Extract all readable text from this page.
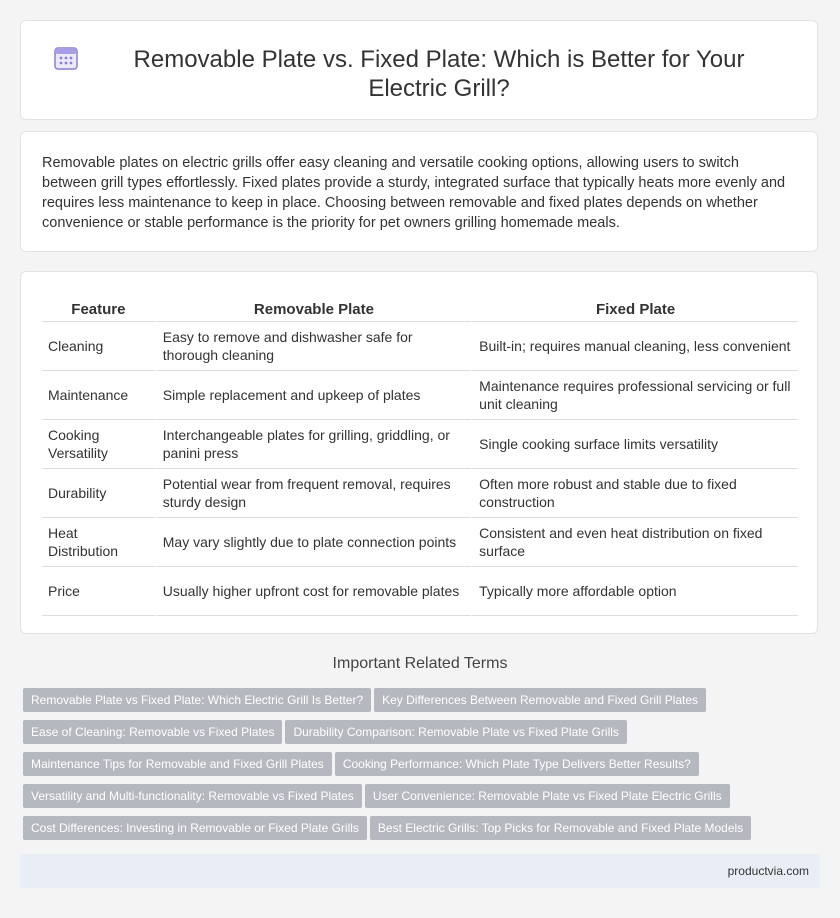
Removable Plate vs. Fixed Plate: Which is Better for Your Electric Grill?

Removable plates on electric grills offer easy cleaning and versatile cooking options, allowing users to switch between grill types effortlessly. Fixed plates provide a sturdy, integrated surface that typically heats more evenly and requires less maintenance to keep in place. Choosing between removable and fixed plates depends on whether convenience or stable performance is the priority for pet owners grilling homemade meals.

Feature	Removable Plate	Fixed Plate
Cleaning	Easy to remove and dishwasher safe for thorough cleaning	Built-in; requires manual cleaning, less convenient
Maintenance	Simple replacement and upkeep of plates	Maintenance requires professional servicing or full unit cleaning
Cooking Versatility	Interchangeable plates for grilling, griddling, or panini press	Single cooking surface limits versatility
Durability	Potential wear from frequent removal, requires sturdy design	Often more robust and stable due to fixed construction
Heat Distribution	May vary slightly due to plate connection points	Consistent and even heat distribution on fixed surface
Price	Usually higher upfront cost for removable plates	Typically more affordable option
Important Related Terms
Removable Plate vs Fixed Plate: Which Electric Grill Is Better? Key Differences Between Removable and Fixed Grill Plates
Ease of Cleaning: Removable vs Fixed Plates Durability Comparison: Removable Plate vs Fixed Plate Grills
Maintenance Tips for Removable and Fixed Grill Plates Cooking Performance: Which Plate Type Delivers Better Results?
Versatility and Multi-functionality: Removable vs Fixed Plates User Convenience: Removable Plate vs Fixed Plate Electric Grills
Cost Differences: Investing in Removable or Fixed Plate Grills Best Electric Grills: Top Picks for Removable and Fixed Plate Models
productvia.com
